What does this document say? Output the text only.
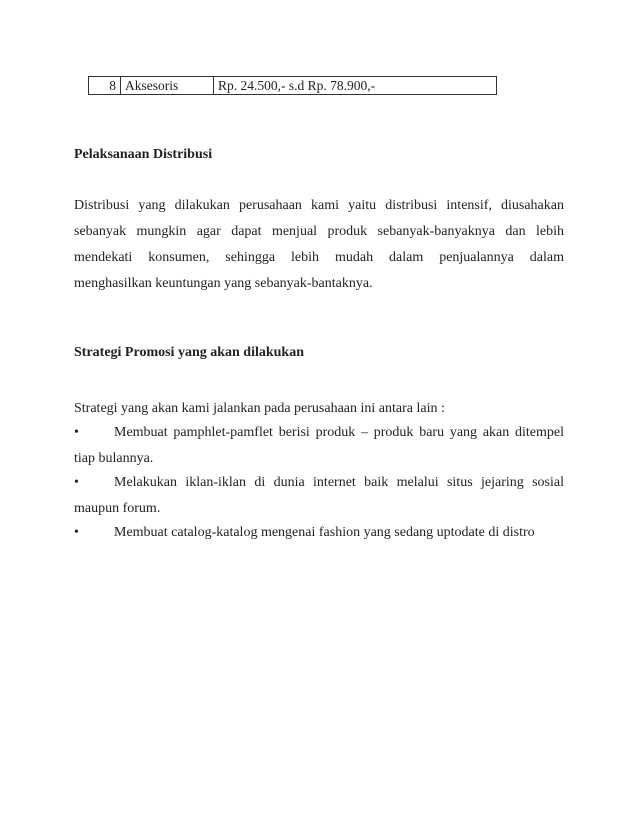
8	Aksesoris	Rp. 24.500,- s.d Rp. 78.900,-
Pelaksanaan Distribusi
Distribusi yang dilakukan perusahaan kami yaitu distribusi intensif, diusahakan
sebanyak mungkin agar dapat menjual produk sebanyak-banyaknya dan lebih
mendekati konsumen, sehingga lebih mudah dalam penjualannya dalam
menghasilkan keuntungan yang sebanyak-bantaknya.
Strategi Promosi yang akan dilakukan
Strategi yang akan kami jalankan pada perusahaan ini antara lain :
•	Membuat pamphlet-pamflet berisi produk – produk baru yang akan ditempel
tiap bulannya.
•	Melakukan iklan-iklan di dunia internet baik melalui situs jejaring sosial
maupun forum.
•	Membuat catalog-katalog mengenai fashion yang sedang uptodate di distro
